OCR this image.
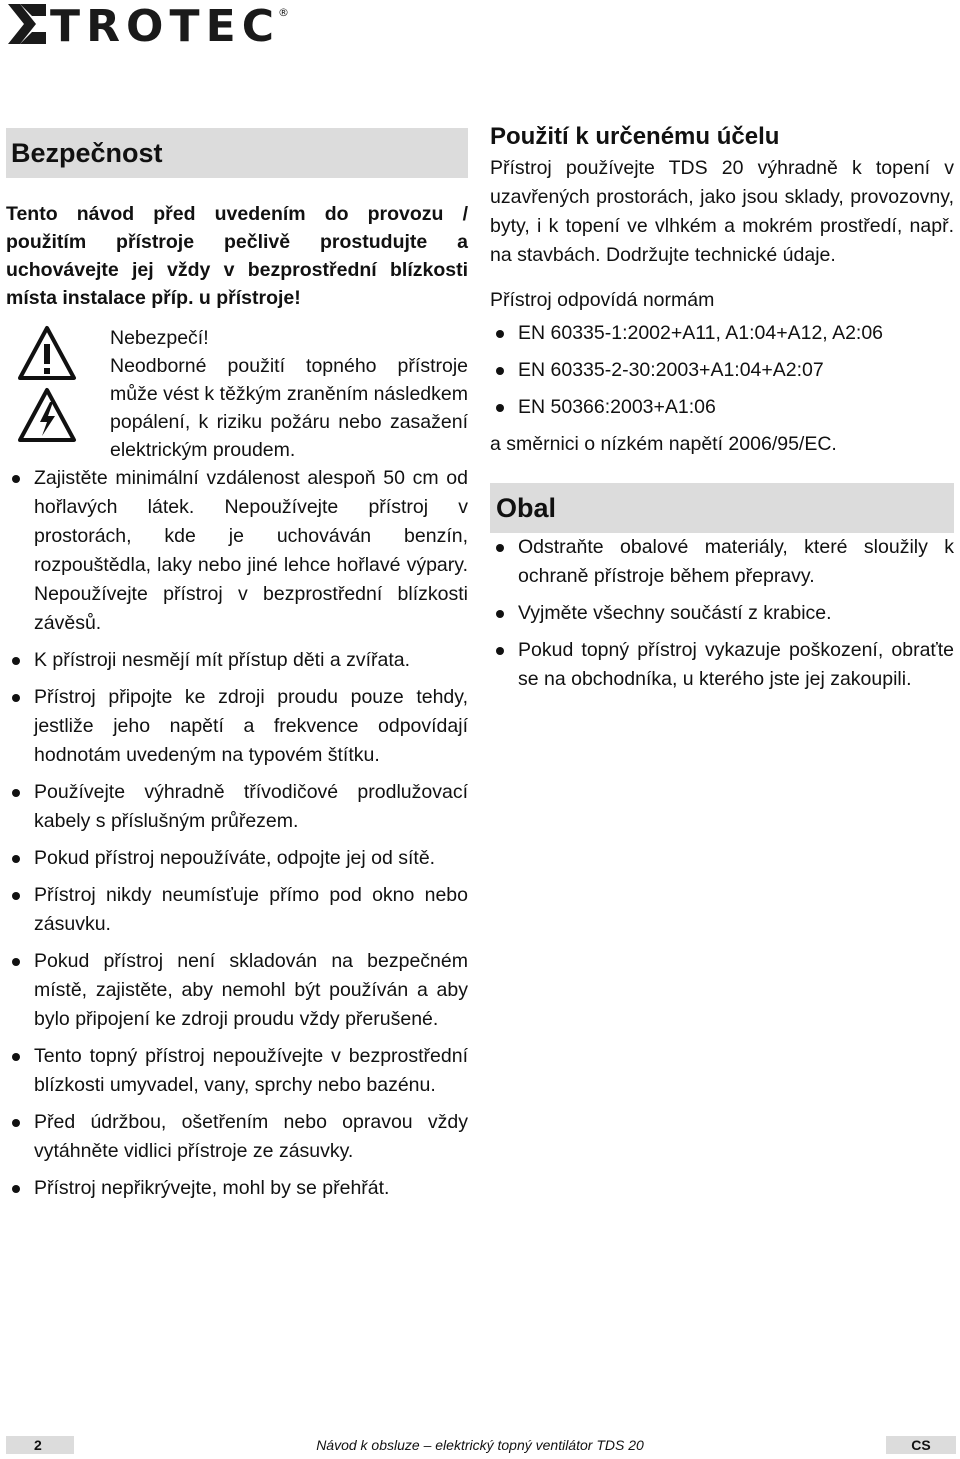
TROTEC ®
Bezpečnost
Tento návod před uvedením do provozu / použitím přístroje pečlivě prostudujte a uchovávejte jej vždy v bezprostřední blízkosti místa instalace příp. u přístroje!
Nebezpečí!
Neodborné použití topného přístroje může vést k těžkým zraněním následkem popálení, k riziku požáru nebo zasažení elektrickým proudem.
Zajistěte minimální vzdálenost alespoň 50 cm od hořlavých látek. Nepoužívejte přístroj v prostorách, kde je uchováván benzín, rozpouštědla, laky nebo jiné lehce hořlavé výpary. Nepoužívejte přístroj v bezprostřední blízkosti závěsů.
K přístroji nesmějí mít přístup děti a zvířata.
Přístroj připojte ke zdroji proudu pouze tehdy, jestliže jeho napětí a frekvence odpovídají hodnotám uvedeným na typovém štítku.
Používejte výhradně třívodičové prodlužovací kabely s příslušným průřezem.
Pokud přístroj nepoužíváte, odpojte jej od sítě.
Přístroj nikdy neumísťuje přímo pod okno nebo zásuvku.
Pokud přístroj není skladován na bezpečném místě, zajistěte, aby nemohl být používán a aby bylo připojení ke zdroji proudu vždy přerušené.
Tento topný přístroj nepoužívejte v bezprostřední blízkosti umyvadel, vany, sprchy nebo bazénu.
Před údržbou, ošetřením nebo opravou vždy vytáhněte vidlici přístroje ze zásuvky.
Přístroj nepřikrývejte, mohl by se přehřát.
Použití k určenému účelu
Přístroj používejte TDS 20 výhradně k topení v uzavřených prostorách, jako jsou sklady, provozovny, byty, i k topení ve vlhkém a mokrém prostředí, např. na stavbách. Dodržujte technické údaje.
Přístroj odpovídá normám
EN 60335-1:2002+A11, A1:04+A12, A2:06
EN 60335-2-30:2003+A1:04+A2:07
EN 50366:2003+A1:06
a směrnici o nízkém napětí 2006/95/EC.
Obal
Odstraňte obalové materiály, které sloužily k ochraně přístroje během přepravy.
Vyjměte všechny součástí z krabice.
Pokud topný přístroj vykazuje poškození, obraťte se na obchodníka, u kterého jste jej zakoupili.
2	Návod k obsluze – elektrický topný ventilátor TDS 20	CS
